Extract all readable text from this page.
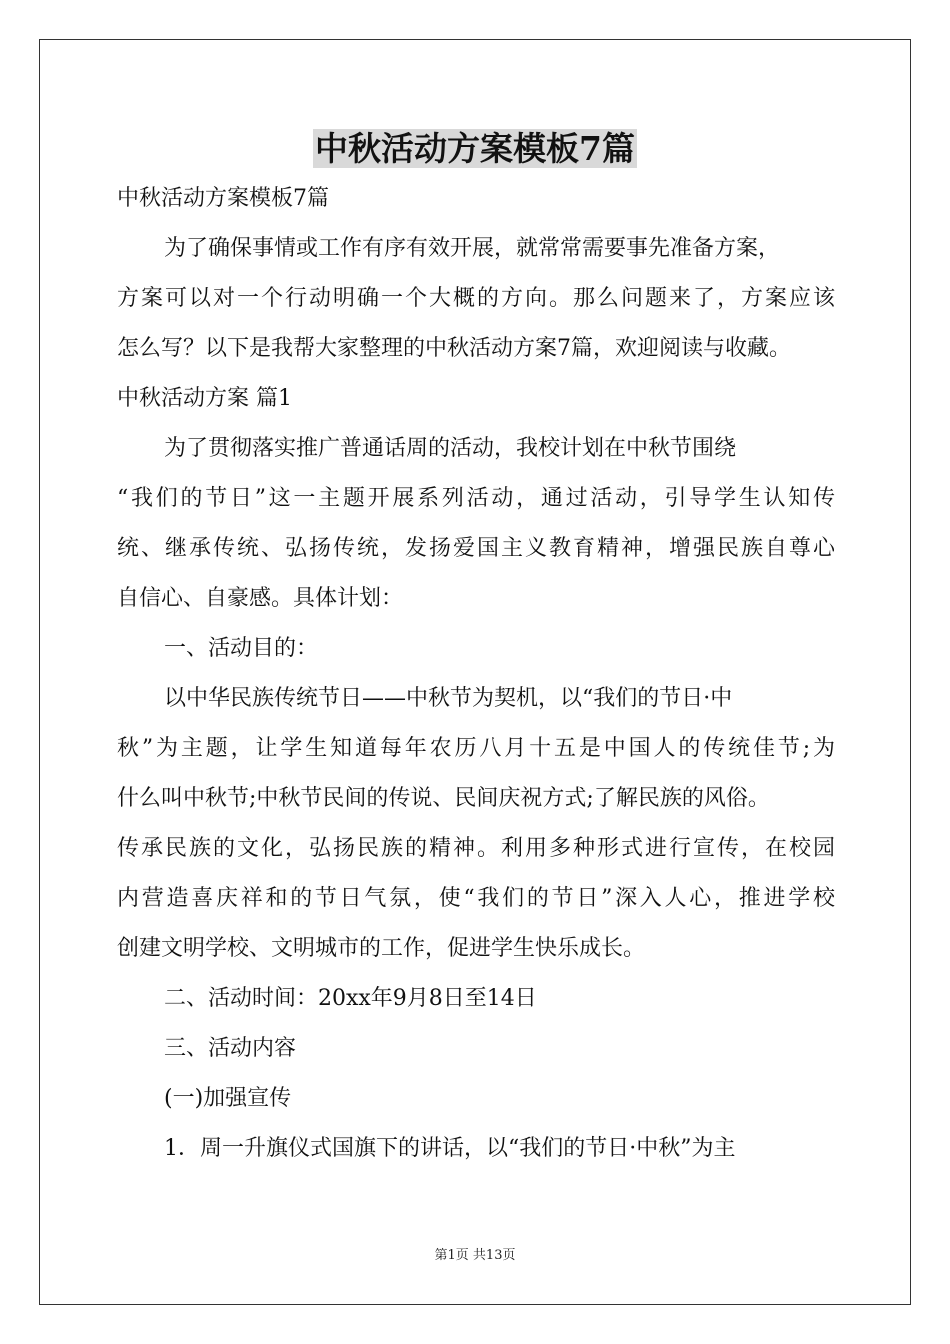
中秋活动方案模板7篇
中秋活动方案模板7篇
为了确保事情或工作有序有效开展，就常常需要事先准备方案，
方案可以对一个行动明确一个大概的方向。那么问题来了，方案应该
怎么写？以下是我帮大家整理的中秋活动方案7篇，欢迎阅读与收藏。
中秋活动方案 篇1
为了贯彻落实推广普通话周的活动，我校计划在中秋节围绕
“我们的节日”这一主题开展系列活动，通过活动，引导学生认知传
统、继承传统、弘扬传统，发扬爱国主义教育精神，增强民族自尊心
自信心、自豪感。具体计划：
一、活动目的：
以中华民族传统节日——中秋节为契机，以“我们的节日·中
秋”为主题，让学生知道每年农历八月十五是中国人的传统佳节;为
什么叫中秋节;中秋节民间的传说、民间庆祝方式;了解民族的风俗。
传承民族的文化，弘扬民族的精神。利用多种形式进行宣传，在校园
内营造喜庆祥和的节日气氛，使“我们的节日”深入人心，推进学校
创建文明学校、文明城市的工作，促进学生快乐成长。
二、活动时间：20xx年9月8日至14日
三、活动内容
(一)加强宣传
1．周一升旗仪式国旗下的讲话，以“我们的节日·中秋”为主
第1页 共13页
